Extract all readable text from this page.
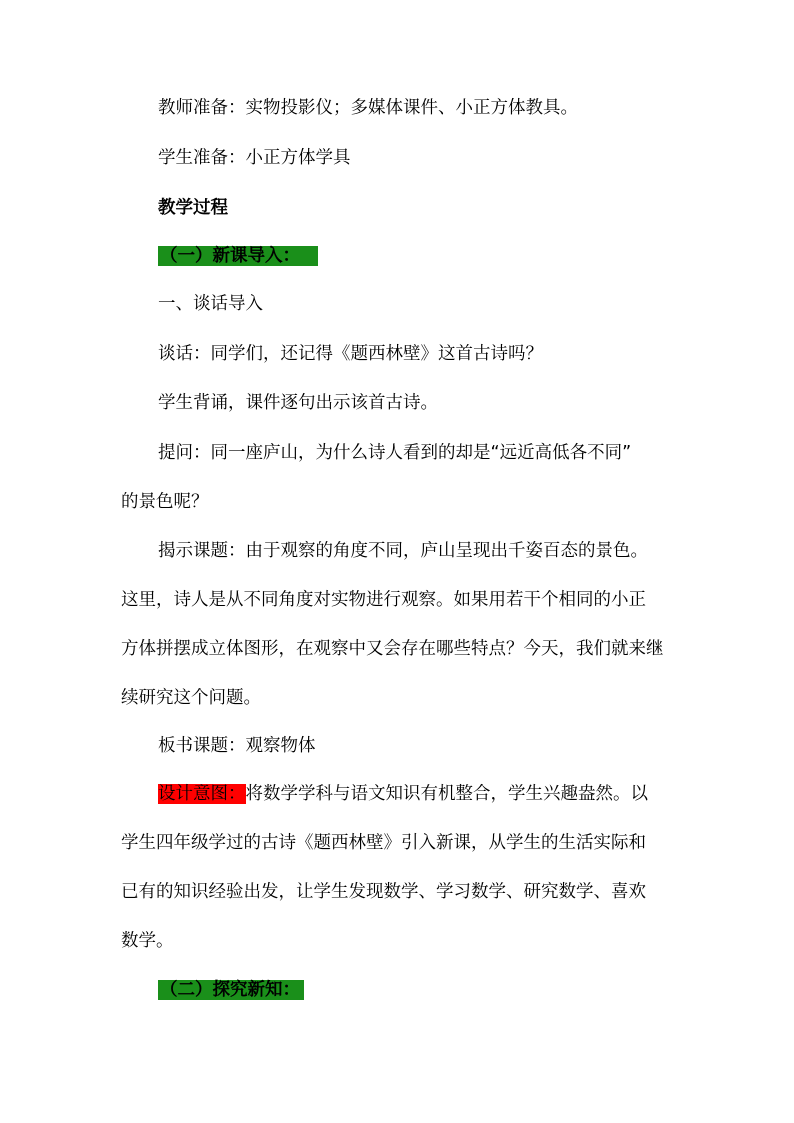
教师准备：实物投影仪；多媒体课件、小正方体教具。
学生准备：小正方体学具
教学过程
（一）新课导入：
一、谈话导入
谈话：同学们，还记得《题西林壁》这首古诗吗？
学生背诵，课件逐句出示该首古诗。
提问：同一座庐山，为什么诗人看到的却是“远近高低各不同”
的景色呢？
揭示课题：由于观察的角度不同，庐山呈现出千姿百态的景色。
这里，诗人是从不同角度对实物进行观察。如果用若干个相同的小正
方体拼摆成立体图形，在观察中又会存在哪些特点？今天，我们就来继
续研究这个问题。
板书课题：观察物体
设计意图：将数学学科与语文知识有机整合，学生兴趣盎然。以
学生四年级学过的古诗《题西林壁》引入新课，从学生的生活实际和
已有的知识经验出发，让学生发现数学、学习数学、研究数学、喜欢
数学。
（二）探究新知：
